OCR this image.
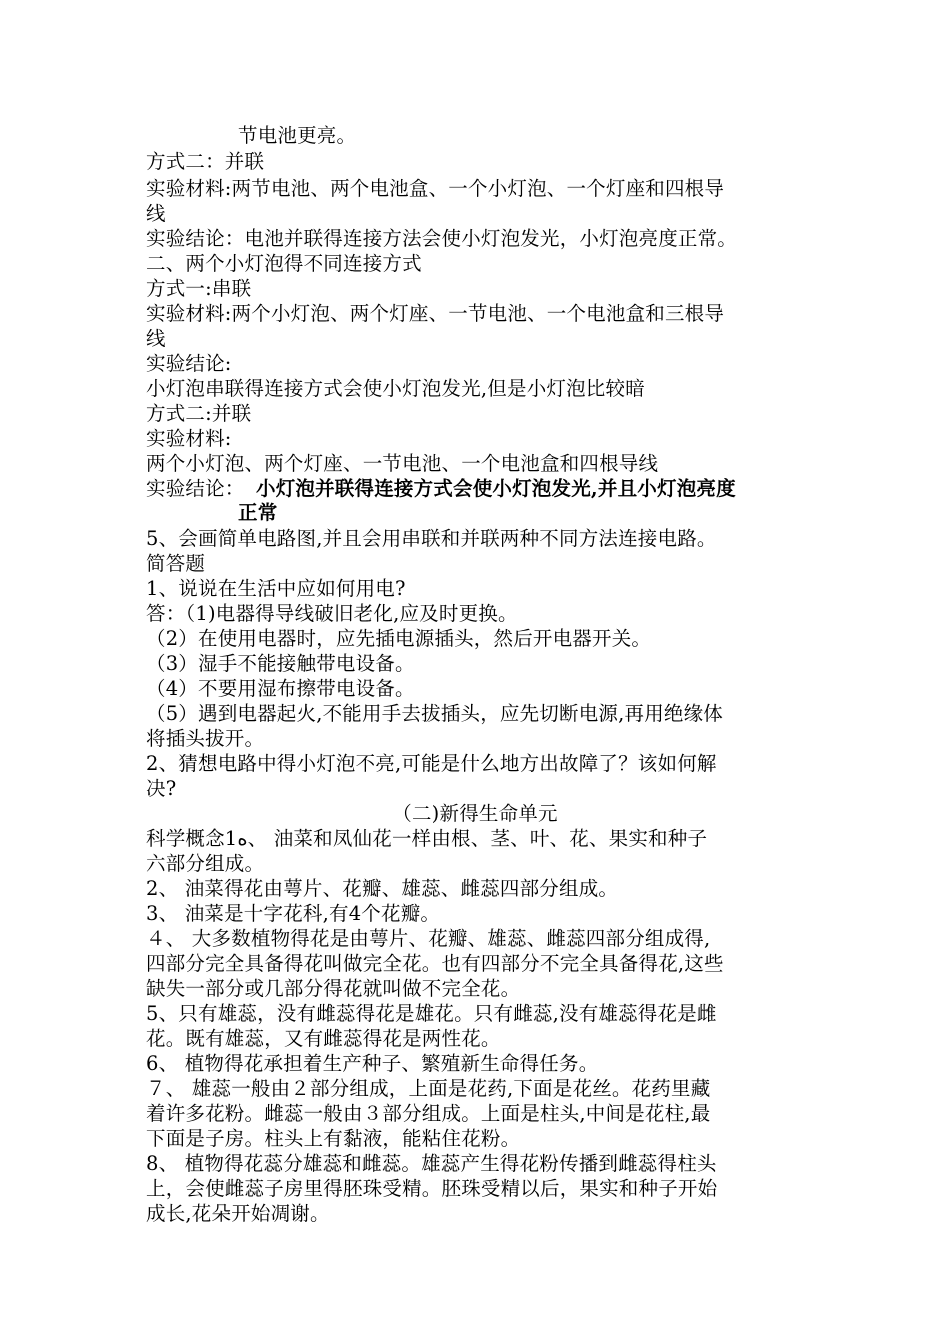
节电池更亮。
方式二：并联
实验材料:两节电池、两个电池盒、一个小灯泡、一个灯座和四根导
线
实验结论：电池并联得连接方法会使小灯泡发光，小灯泡亮度正常。
二、两个小灯泡得不同连接方式
方式一:串联
实验材料:两个小灯泡、两个灯座、一节电池、一个电池盒和三根导
线
实验结论:
小灯泡串联得连接方式会使小灯泡发光,但是小灯泡比较暗
方式二:并联
实验材料:
两个小灯泡、两个灯座、一节电池、一个电池盒和四根导线
实验结论： 小灯泡并联得连接方式会使小灯泡发光,并且小灯泡亮度
正常
5、会画简单电路图,并且会用串联和并联两种不同方法连接电路。
简答题
1、说说在生活中应如何用电?
答：（1)电器得导线破旧老化,应及时更换。
（2）在使用电器时，应先插电源插头，然后开电器开关。
（3）湿手不能接触带电设备。
（4）不要用湿布擦带电设备。
（5）遇到电器起火,不能用手去拔插头，应先切断电源,再用绝缘体
将插头拔开。
2、猜想电路中得小灯泡不亮,可能是什么地方出故障了？该如何解
决?
（二)新得生命单元
科学概念1ه、 油菜和凤仙花一样由根、茎、叶、花、果实和种子
六部分组成。
2、 油菜得花由萼片、花瓣、雄蕊、雌蕊四部分组成。
3、 油菜是十字花科,有4个花瓣。
４、 大多数植物得花是由萼片、花瓣、雄蕊、雌蕊四部分组成得,
四部分完全具备得花叫做完全花。也有四部分不完全具备得花,这些
缺失一部分或几部分得花就叫做不完全花。
5、只有雄蕊，没有雌蕊得花是雄花。只有雌蕊,没有雄蕊得花是雌
花。既有雄蕊，又有雌蕊得花是两性花。
6、 植物得花承担着生产种子、繁殖新生命得任务。
７、 雄蕊一般由２部分组成，上面是花药,下面是花丝。花药里藏
着许多花粉。雌蕊一般由３部分组成。上面是柱头,中间是花柱,最
下面是子房。柱头上有黏液，能粘住花粉。
8、 植物得花蕊分雄蕊和雌蕊。雄蕊产生得花粉传播到雌蕊得柱头
上，会使雌蕊子房里得胚珠受精。胚珠受精以后，果实和种子开始
成长,花朵开始凋谢。
